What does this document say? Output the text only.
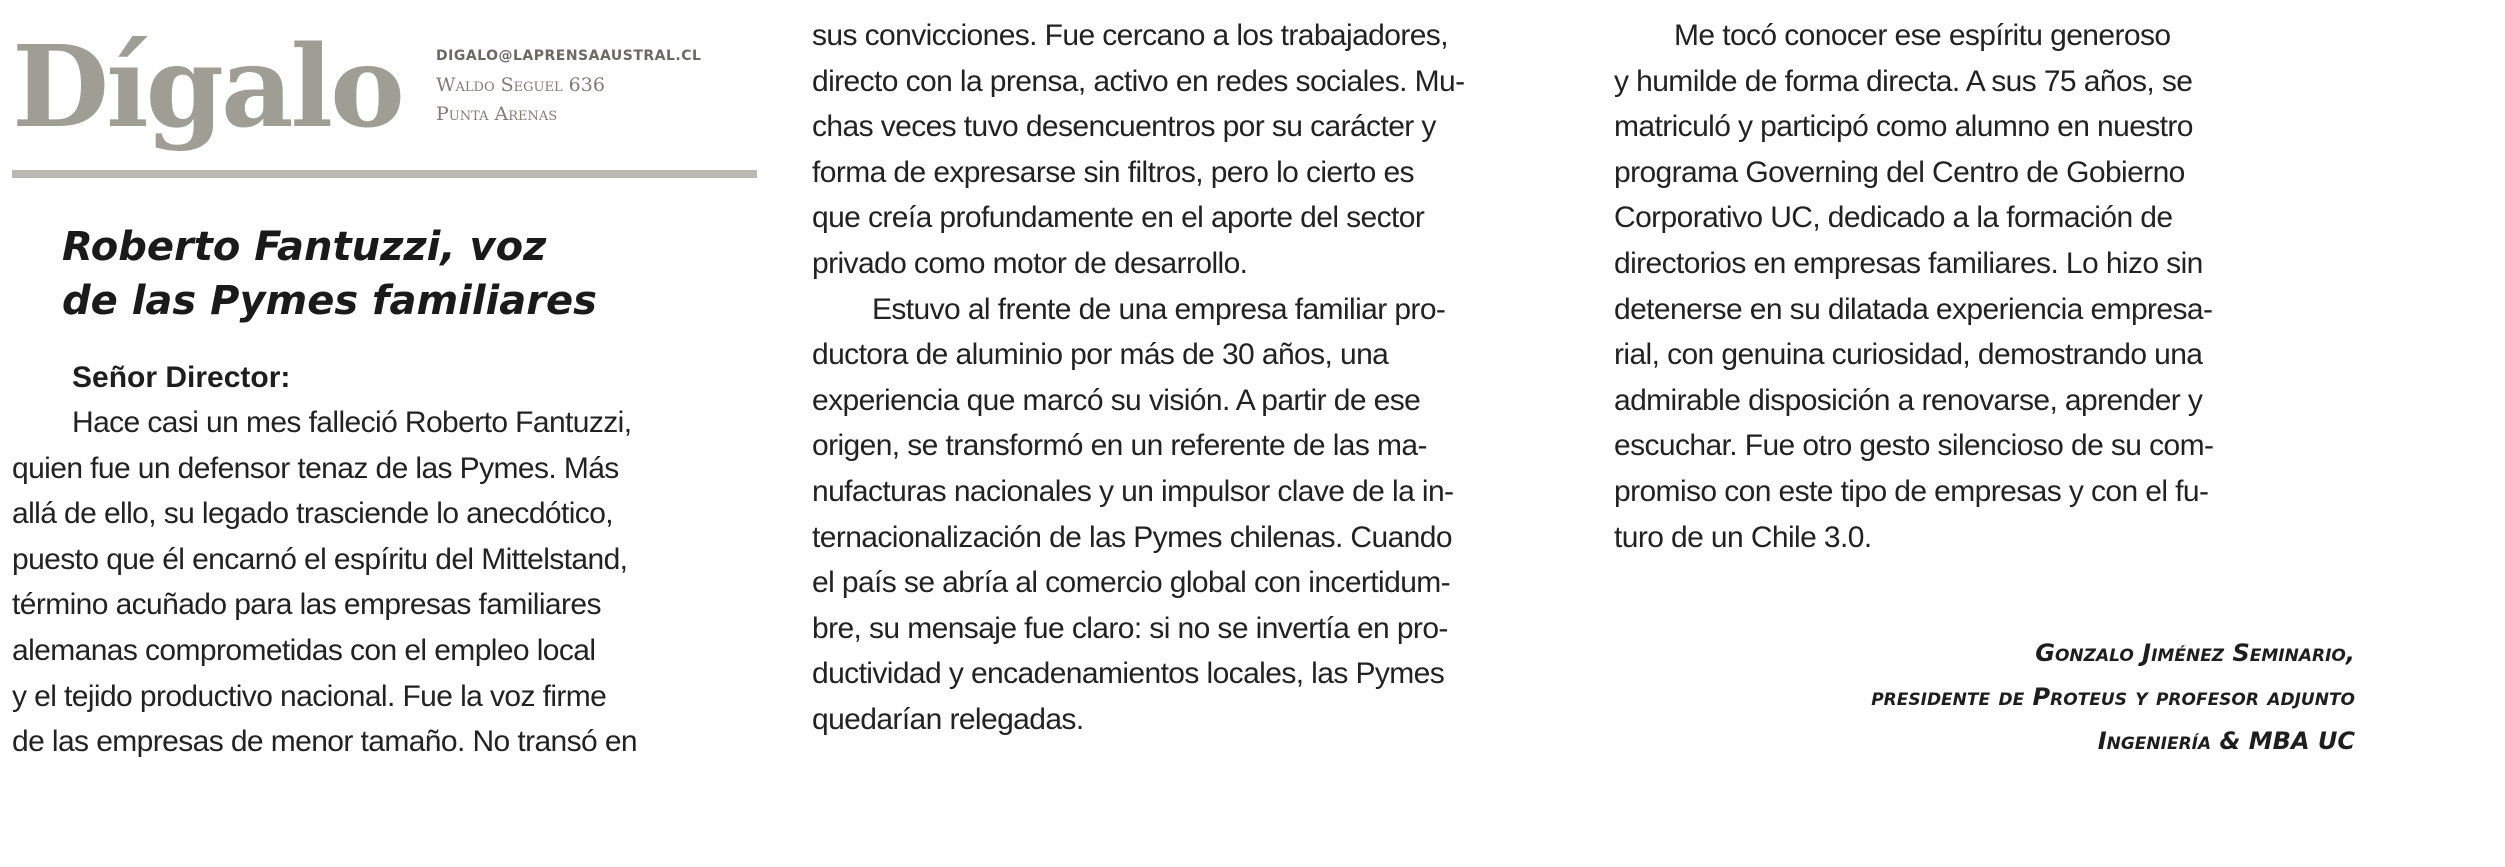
Dígalo DIGALO@LAPRENSAAUSTRAL.CL
Waldo Seguel 636
Punta Arenas
Roberto Fantuzzi, voz
de las Pymes familiares
Señor Director:
Hace casi un mes falleció Roberto Fantuzzi,
quien fue un defensor tenaz de las Pymes. Más
allá de ello, su legado trasciende lo anecdótico,
puesto que él encarnó el espíritu del Mittelstand,
término acuñado para las empresas familiares
alemanas comprometidas con el empleo local
y el tejido productivo nacional. Fue la voz firme
de las empresas de menor tamaño. No transó en
sus convicciones. Fue cercano a los trabajadores,
directo con la prensa, activo en redes sociales. Mu-
chas veces tuvo desencuentros por su carácter y
forma de expresarse sin filtros, pero lo cierto es
que creía profundamente en el aporte del sector
privado como motor de desarrollo.
Estuvo al frente de una empresa familiar pro-
ductora de aluminio por más de 30 años, una
experiencia que marcó su visión. A partir de ese
origen, se transformó en un referente de las ma-
nufacturas nacionales y un impulsor clave de la in-
ternacionalización de las Pymes chilenas. Cuando
el país se abría al comercio global con incertidum-
bre, su mensaje fue claro: si no se invertía en pro-
ductividad y encadenamientos locales, las Pymes
quedarían relegadas.
Me tocó conocer ese espíritu generoso
y humilde de forma directa. A sus 75 años, se
matriculó y participó como alumno en nuestro
programa Governing del Centro de Gobierno
Corporativo UC, dedicado a la formación de
directorios en empresas familiares. Lo hizo sin
detenerse en su dilatada experiencia empresa-
rial, con genuina curiosidad, demostrando una
admirable disposición a renovarse, aprender y
escuchar. Fue otro gesto silencioso de su com-
promiso con este tipo de empresas y con el fu-
turo de un Chile 3.0.
Gonzalo Jiménez Seminario,
presidente de Proteus y profesor adjunto
Ingeniería & MBA UC
